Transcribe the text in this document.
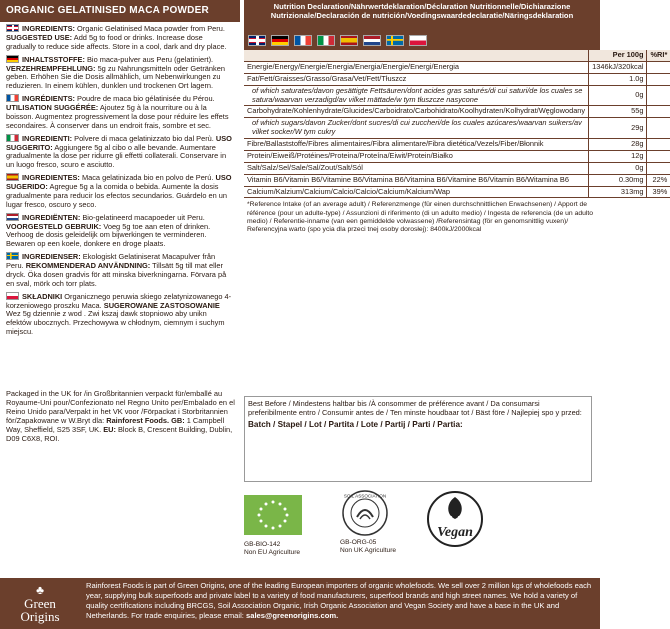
ORGANIC GELATINISED MACA POWDER
INGREDIENTS: Organic Gelatinised Maca powder from Peru. SUGGESTED USE: Add 5g to food or drinks. Increase dose gradually to reduce side affects. Store in a cool, dark and dry place.
INHALTSSTOFFE: Bio maca-pulver aus Peru (gelatiniert). VERZEHREMPFEHLUNG: 5g zu Nahrungsmitteln oder Getränken geben. Erhöhen Sie die Dosis allmählich, um Nebenwirkungen zu reduzieren. In einem kühlen, dunklen und trockenen Ort lagern.
INGRÉDIENTS: Poudre de maca bio gélatinisée du Pérou. UTILISATION SUGGÉRÉE: Ajoutez 5g à la nourriture ou à la boisson. Augmentez progressivement la dose pour réduire les effets secondaires. À conserver dans un endroit frais, sombre et sec.
INGREDIENTI: Polvere di maca gelatinizzato bio dal Perù. USO SUGGERITO: Aggiungere 5g al cibo o alle bevande. Aumentare gradualmente la dose per ridurre gli effetti collaterali. Conservare in un luogo fresco, scuro e asciutto.
INGREDIENTES: Maca gelatinizada bio en polvo de Perú. USO SUGERIDO: Agregue 5g a la comida o bebida. Aumente la dosis gradualmente para reducir los efectos secundarios. Guárdelo en un lugar fresco, oscuro y seco.
INGREDIËNTEN: Bio-gelatineerd macapoeder uit Peru. VOORGESTELD GEBRUIK: Voeg 5g toe aan eten of drinken. Verhoog de dosis geleidelijk om bijwerkingen te verminderen. Bewaren op een koele, donkere en droge plaats.
INGREDIENSER: Ekologiskt Gelatiniserat Macapulver från Peru. REKOMMENDERAD ANVÄNDNING: Tillsätt 5g till mat eller dryck. Öka dosen gradvis för att minska biverkningarna. Förvara på en sval, mörk och torr plats.
SKŁADNIKI Organicznego peruwia skiego zelatynizowanego 4-korzeniowego proszku Maca. SUGEROWANE ZASTOSOWANIE Wez 5g dziennie z wod . Zwi kszaj dawk stopniowo aby unikn efektów ubocznych. Przechowywa w chłodnym, ciemnym i suchym miejscu.
Packaged in the UK for /in Großbritannien verpackt für/emballé au Royaume-Uni pour/Confezionato nel Regno Unito per/Embalado en el Reino Unido para/Verpakt in het VK voor /Förpackat i Storbritannien för/Zapakowane w W.Bryt dla: Rainforest Foods. GB: 1 Campbell Way, Sheffield, S25 3SF, UK. EU: Block B, Crescent Building, Dublin, D09 C6X8, ROI.
Nutrition Declaration/Nährwertdeklaration/Déclaration Nutritionnelle/Dichiarazione Nutrizionale/Declaración de nutrición/Voedingswaardedeclaratie/Näringsdeklaration
	Per 100g	%RI*
Energie/Energy/Energie/Energia/Energia/Energie/Energi/Energia	1346kJ/320kcal	
Fat/Fett/Graisses/Grasso/Grasa/Vet/Fett/Tłuszcz	1.0g	
of which saturates/davon gesättigte Fettsäuren/dont acides gras saturés/di cui saturi/de los cuales se satura/waarvan verzadigd/av vilket mättade/w tym tłuszcze nasycone	0g	
Carbohydrate/Kohlenhydrate/Glucides/Carboidrato/Carbohidrato/Koolhydraten/Kolhydrat/Węglowodany	55g	
of which sugars/davon Zucker/dont sucres/di cui zuccheri/de los cuales azúcares/waarvan suikers/av vilket socker/W tym cukry	29g	
Fibre/Ballaststoffe/Fibres alimentaires/Fibra alimentare/Fibra dietética/Vezels/Fiber/Błonnik	28g	
Protein/Eiweiß/Protéines/Proteina/Proteína/Eiwit/Protein/Białko	12g	
Salt/Salz/Sel/Sale/Sal/Zout/Salt/Sól	0g	
Vitamin B6/Vitamin B6/Vitamine B6/Vitamina B6/Vitamina B6/Vitamine B6/Vitamin B6/Witamina B6	0.30mg	22%
Calcium/Kalzium/Calcium/Calcio/Calcio/Calcium/Kalcium/Wap	313mg	39%
*Reference Intake (of an average adult) / Referenzmenge (für einen durchschnittlichen Erwachsenen) / Apport de référence (pour un adulte-type) / Assunzioni di riferimento (di un adulto medio) / Ingesta de referencia (de un adulto medio) / Referentie-inname (van een gemiddelde volwassene) /Referensintag (för en genomsnittlig vuxen)/ Referencyjna warto (spo ycia dla przeci tnej osoby dorosłej): 8400kJ/2000kcal
Best Before / Mindestens haltbar bis /À consommer de préférence avant / Da consumarsi preferibilmente entro / Consumir antes de / Ten minste houdbaar tot / Bäst före / Najlepiej spo y przed:
Batch / Stapel / Lot / Partita / Lote / Partij / Parti / Partia:
GB-BIO-142
Non EU Agriculture
SOIL ASSOCIATION
GB-ORG-05
Non UK Agriculture
Vegan
♣
Green
Origins
Rainforest Foods is part of Green Origins, one of the leading European importers of organic wholefoods. We sell over 2 million kgs of wholefoods each year, supplying bulk superfoods and private label to a variety of food manufacturers, superfood brands and high street names. We hold a variety of quality certifications including BRCGS, Soil Association Organic, Irish Organic Association and Vegan Society and have a base in the UK and Netherlands. For trade enquiries, please email: sales@greenorigins.com.
